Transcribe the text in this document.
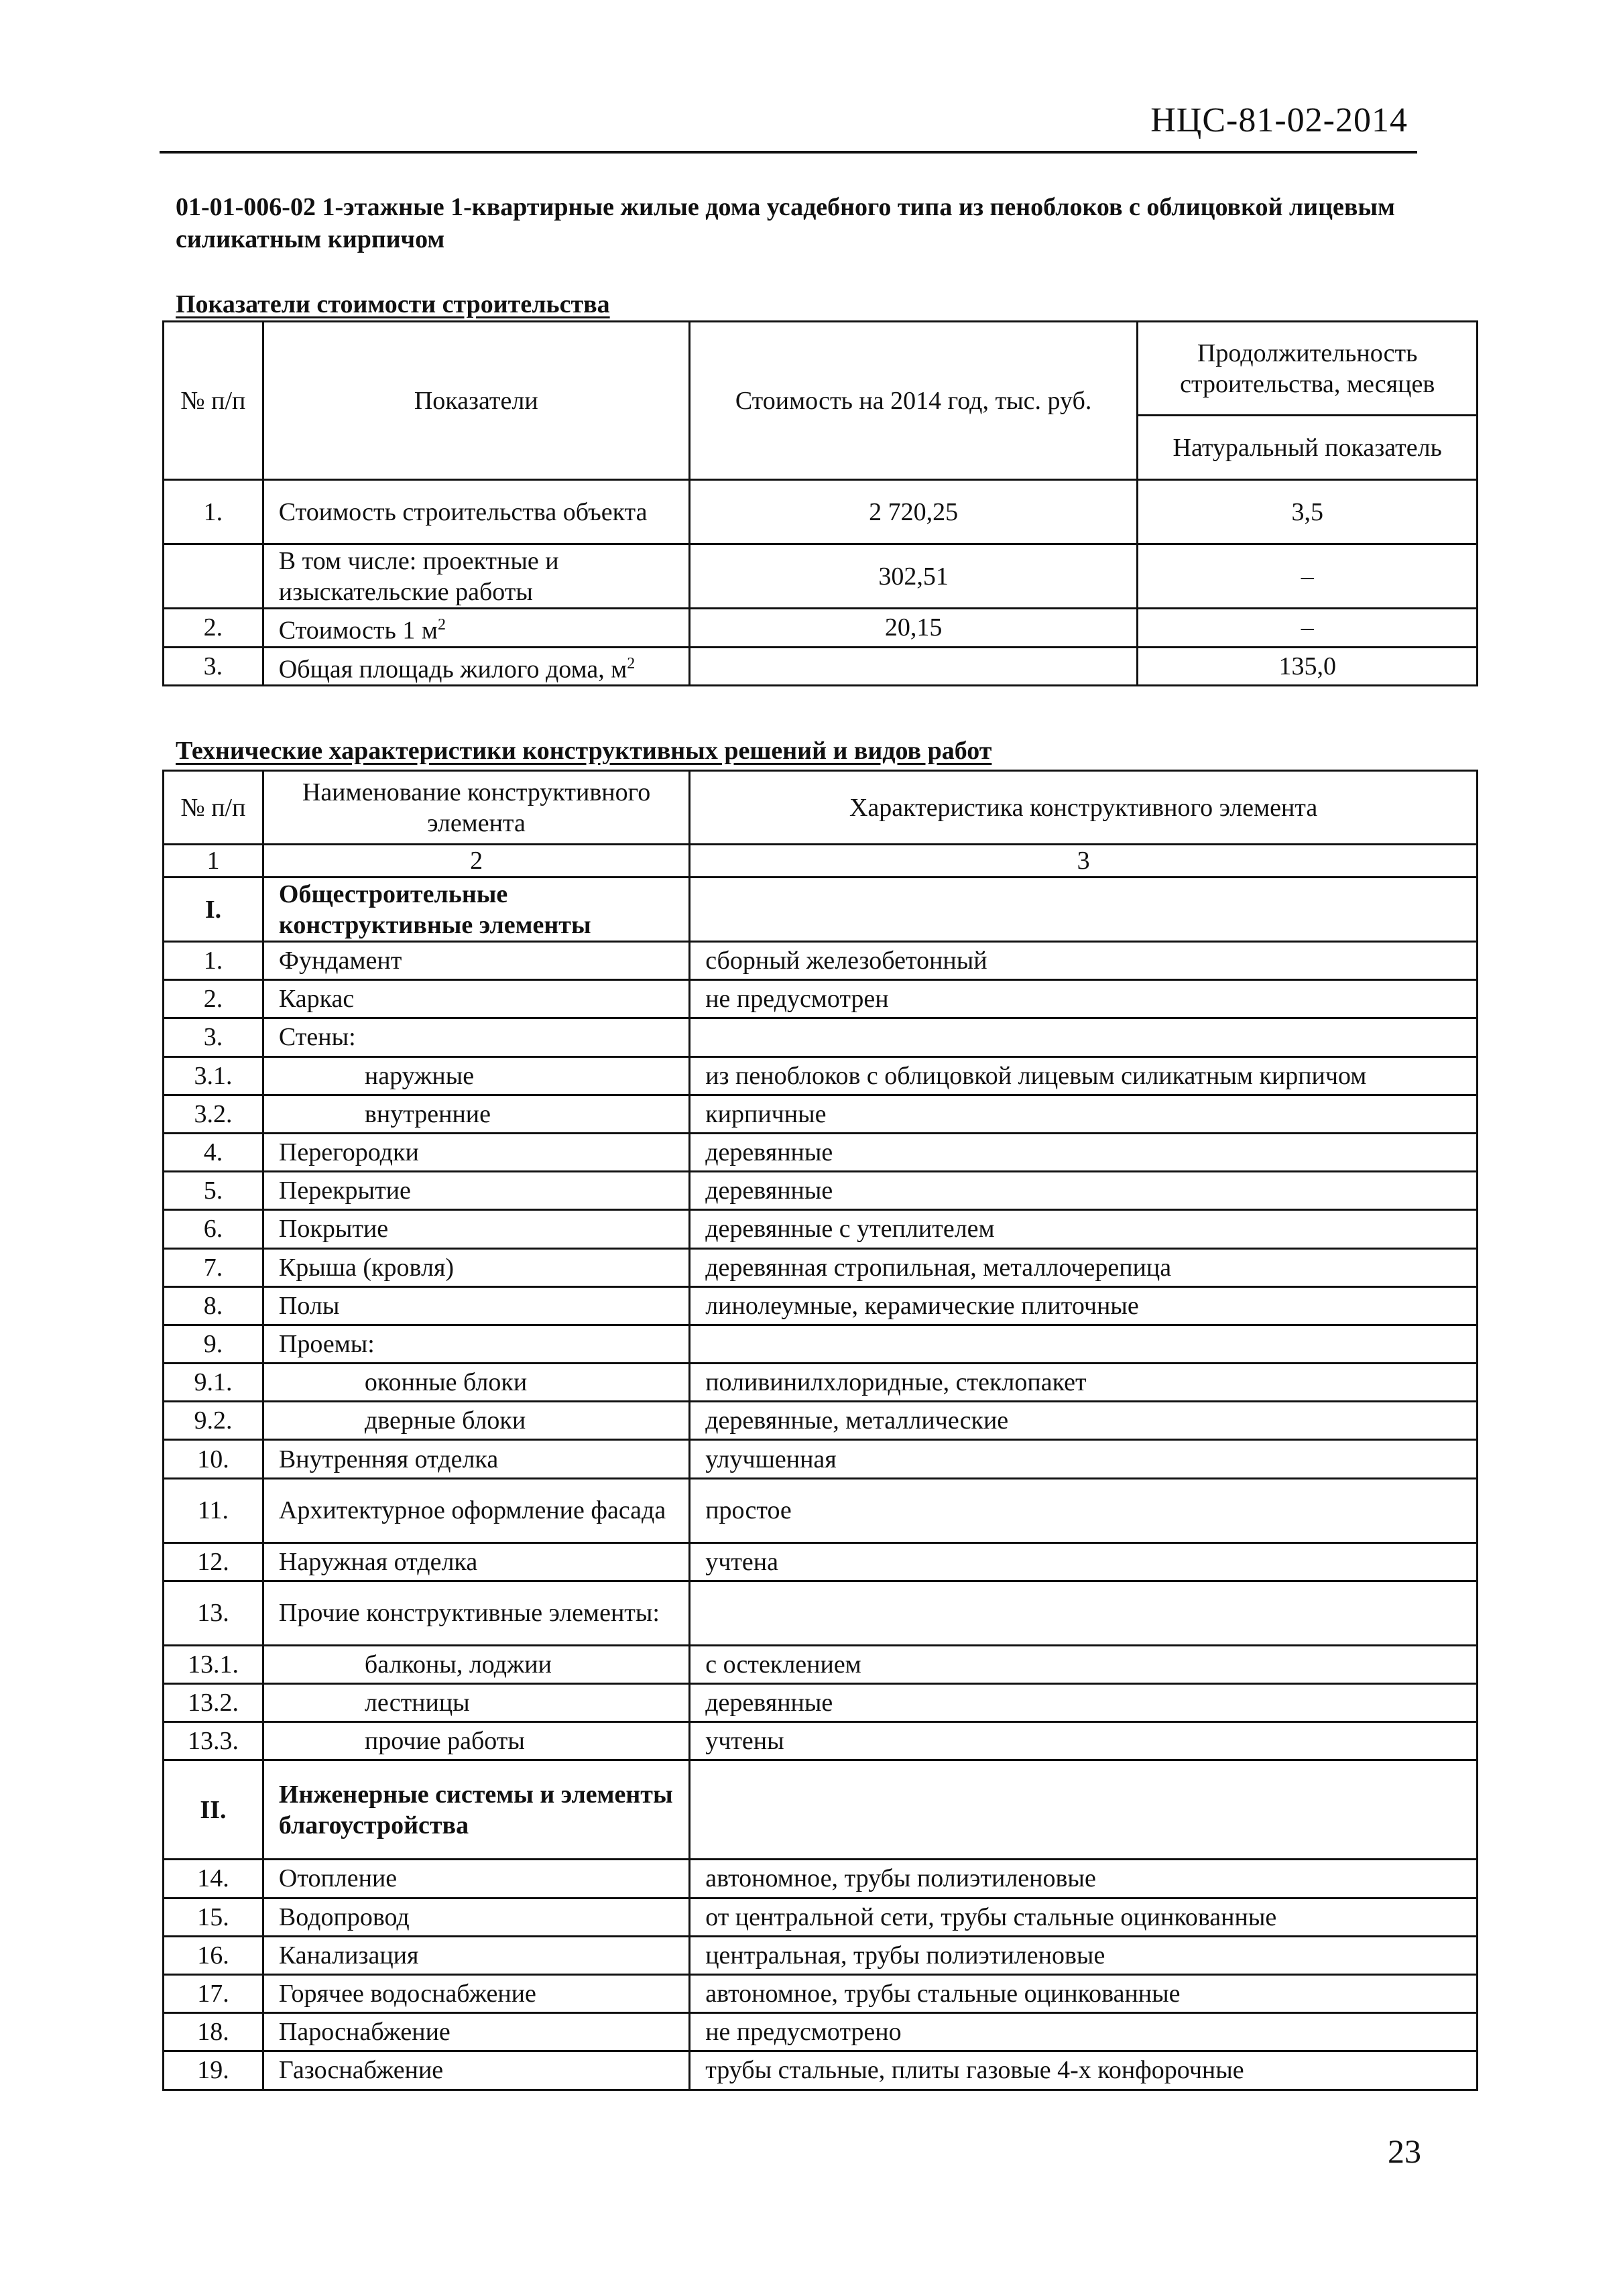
НЦС-81-02-2014
01-01-006-02 1-этажные 1-квартирные жилые дома усадебного типа из пеноблоков с облицовкой лицевым силикатным кирпичом
Показатели стоимости строительства
№ п/п	Показатели	Стоимость на 2014 год, тыс. руб.	Продолжительность строительства, месяцев
			Натуральный показатель
1.	Стоимость строительства объекта	2 720,25	3,5
	В том числе: проектные и изыскательские работы	302,51	–
2.	Стоимость 1 $м^2$	20,15	–
3.	Общая площадь жилого дома, $м^2$		135,0
Технические характеристики конструктивных решений и видов работ
№ п/п	Наименование конструктивного элемента	Характеристика конструктивного элемента
1	2	3
I.	Общестроительные конструктивные элементы	
1.	Фундамент	сборный железобетонный
2.	Каркас	не предусмотрен
3.	Стены:	
3.1.	наружные	из пеноблоков с облицовкой лицевым силикатным кирпичом
3.2.	внутренние	кирпичные
4.	Перегородки	деревянные
5.	Перекрытие	деревянные
6.	Покрытие	деревянные с утеплителем
7.	Крыша (кровля)	деревянная стропильная, металлочерепица
8.	Полы	линолеумные, керамические плиточные
9.	Проемы:	
9.1.	оконные блоки	поливинилхлоридные, стеклопакет
9.2.	дверные блоки	деревянные, металлические
10.	Внутренняя отделка	улучшенная
11.	Архитектурное оформление фасада	простое
12.	Наружная отделка	учтена
13.	Прочие конструктивные элементы:	
13.1.	балконы, лоджии	с остеклением
13.2.	лестницы	деревянные
13.3.	прочие работы	учтены
II.	Инженерные системы и элементы благоустройства	
14.	Отопление	автономное, трубы полиэтиленовые
15.	Водопровод	от центральной сети, трубы стальные оцинкованные
16.	Канализация	центральная, трубы полиэтиленовые
17.	Горячее водоснабжение	автономное, трубы стальные оцинкованные
18.	Пароснабжение	не предусмотрено
19.	Газоснабжение	трубы стальные, плиты газовые 4-х конфорочные
23
